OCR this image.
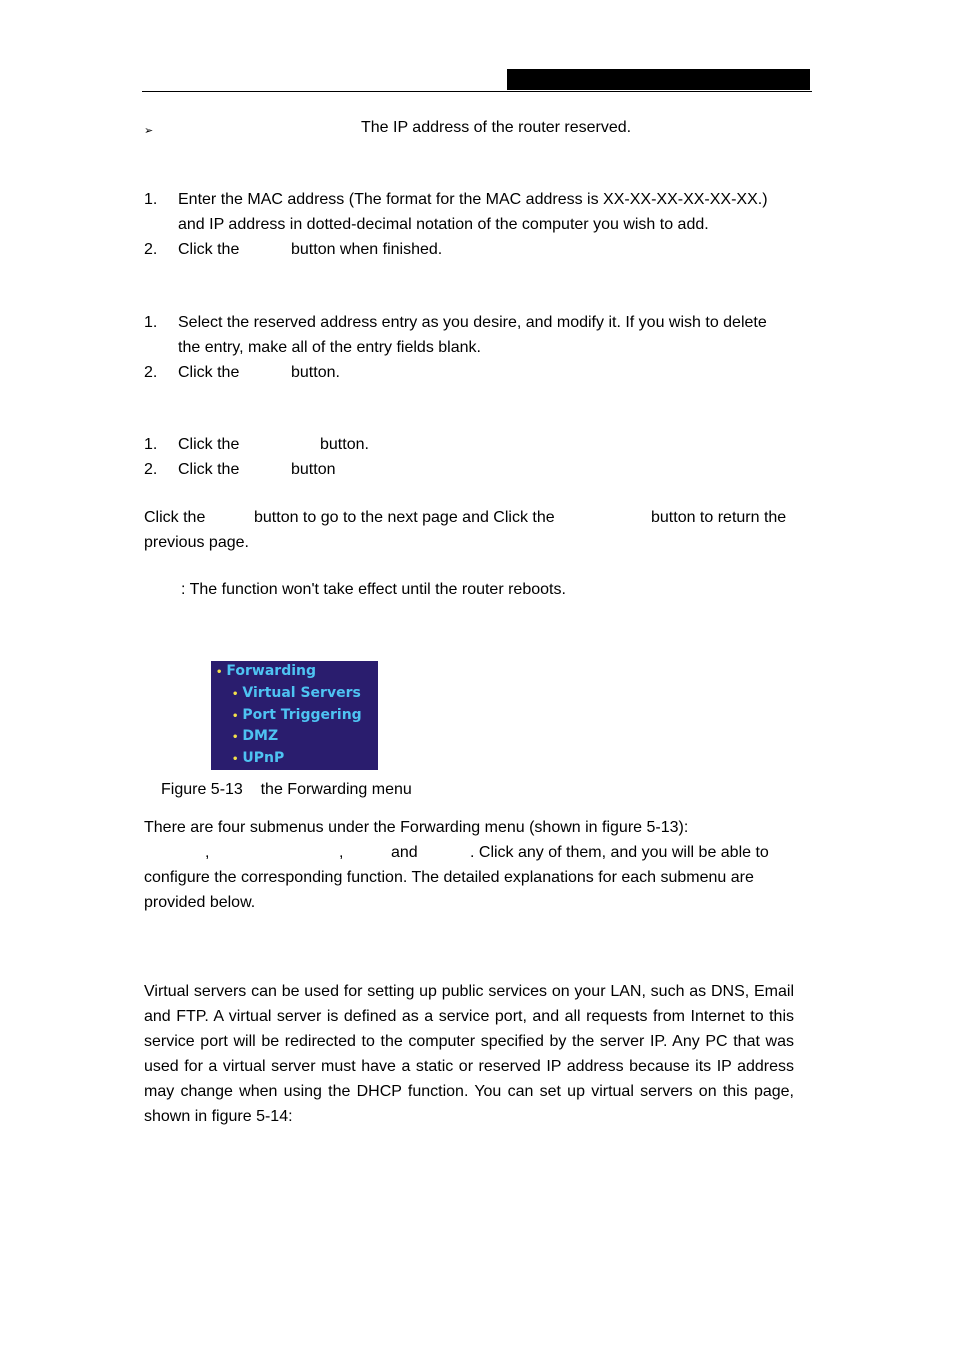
➢	The IP address of the router reserved.
1. Enter the MAC address (The format for the MAC address is XX-XX-XX-XX-XX-XX.)
and IP address in dotted-decimal notation of the computer you wish to add.
2. Click the	button when finished.
1. Select the reserved address entry as you desire, and modify it. If you wish to delete
the entry, make all of the entry fields blank.
2. Click the	button.
1. Click the	button.
2. Click the	button
Click the	button to go to the next page and Click the	button to return the
previous page.
: The function won't take effect until the router reboots.
• Forwarding
• Virtual Servers
• Port Triggering
• DMZ
• UPnP
Figure 5-13    the Forwarding menu
There are four submenus under the Forwarding menu (shown in figure 5-13):
,	,	and	. Click any of them, and you will be able to
configure the corresponding function. The detailed explanations for each submenu are
provided below.
Virtual servers can be used for setting up public services on your LAN, such as DNS, Email and FTP. A virtual server is defined as a service port, and all requests from Internet to this service port will be redirected to the computer specified by the server IP. Any PC that was used for a virtual server must have a static or reserved IP address because its IP address may change when using the DHCP function. You can set up virtual servers on this page, shown in figure 5-14:
